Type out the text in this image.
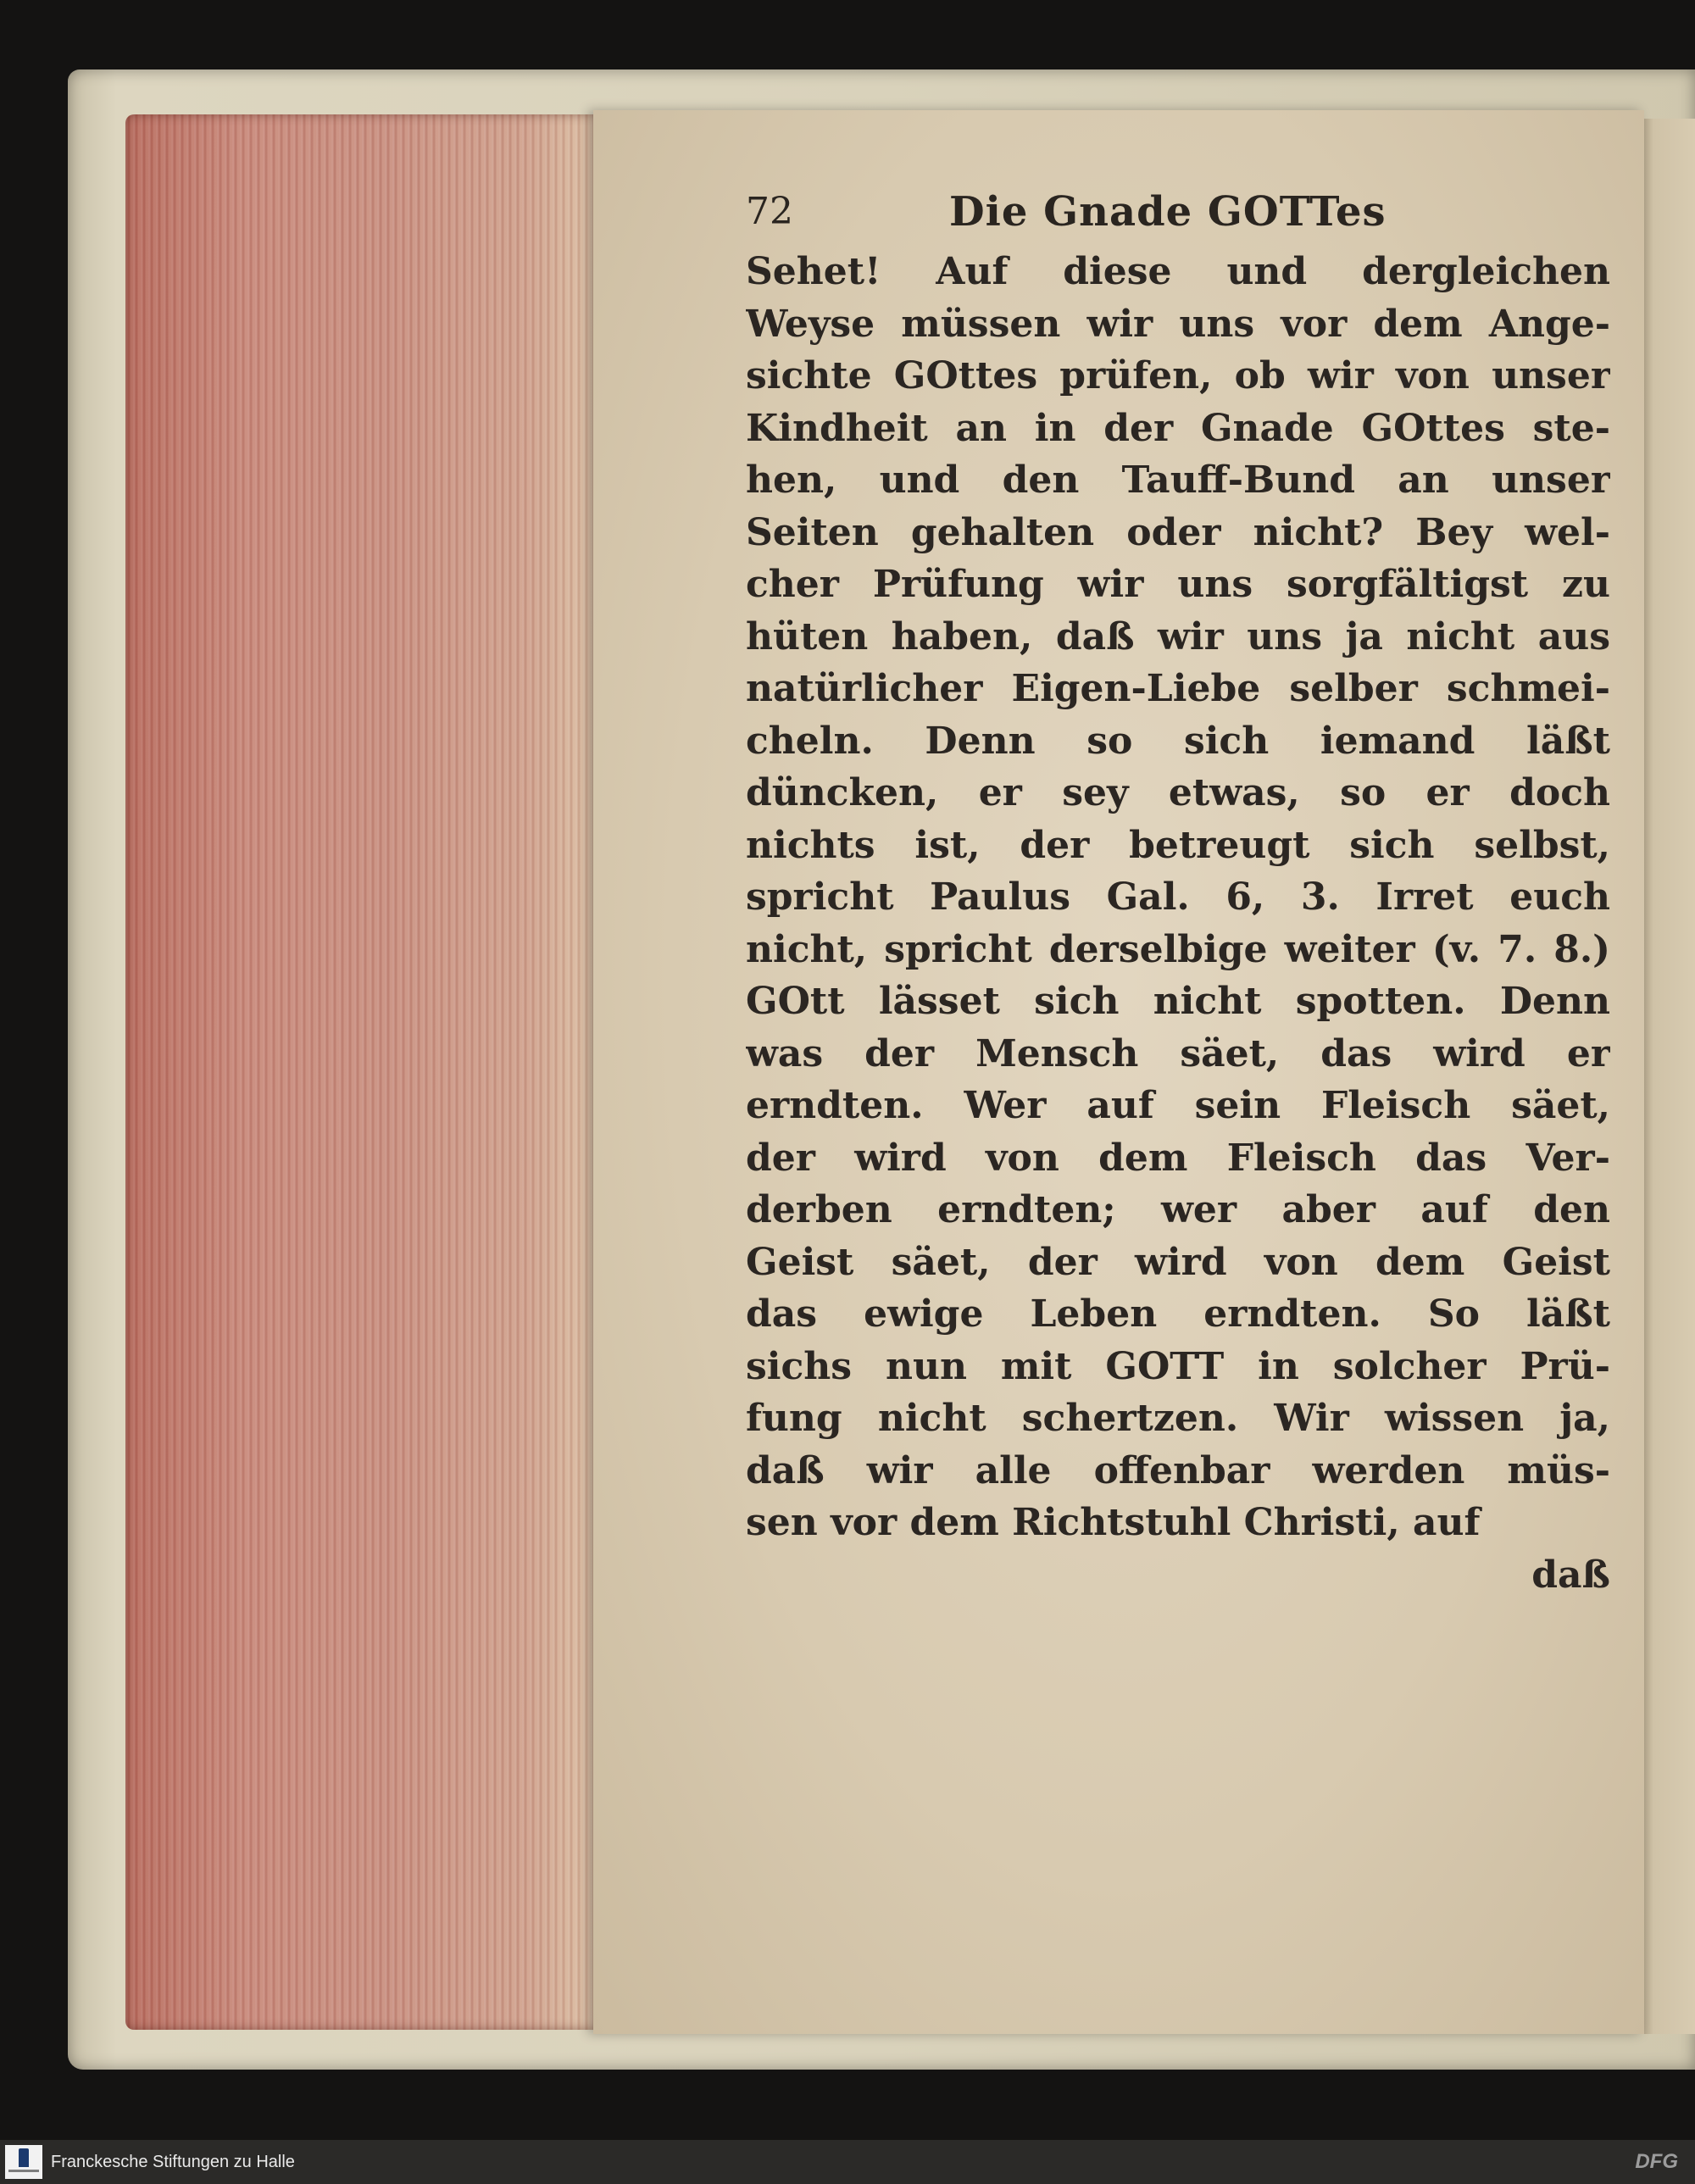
72	Die Gnade GOTTes
Sehet! Auf diese und dergleichen
Weyse müssen wir uns vor dem Ange-
sichte GOttes prüfen, ob wir von unser
Kindheit an in der Gnade GOttes ste-
hen, und den Tauff-Bund an unser
Seiten gehalten oder nicht? Bey wel-
cher Prüfung wir uns sorgfältigst zu
hüten haben, daß wir uns ja nicht aus
natürlicher Eigen-Liebe selber schmei-
cheln. Denn so sich iemand läßt
düncken, er sey etwas, so er doch
nichts ist, der betreugt sich selbst,
spricht Paulus Gal. 6, 3. Irret euch
nicht, spricht derselbige weiter (v. 7. 8.)
GOtt lässet sich nicht spotten. Denn
was der Mensch säet, das wird er
erndten. Wer auf sein Fleisch säet,
der wird von dem Fleisch das Ver-
derben erndten; wer aber auf den
Geist säet, der wird von dem Geist
das ewige Leben erndten. So läßt
sichs nun mit GOTT in solcher Prü-
fung nicht schertzen. Wir wissen ja,
daß wir alle offenbar werden müs-
sen vor dem Richtstuhl Christi, auf
daß
Franckesche Stiftungen zu Halle	DFG
